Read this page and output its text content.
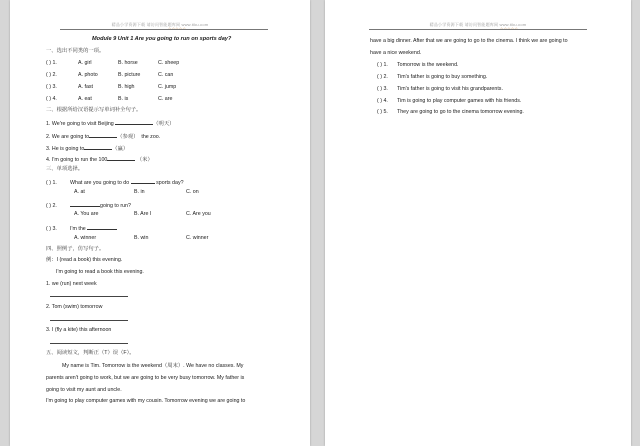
精品小学资源下载 请访问智能题库网 www.tiku.com
☆☆☆☆☆
Module 9 Unit 1 Are you going to run on sports day?
一、选出不同类的一项。
( ) 1.	A. girl	B. horse	C. sheep
( ) 2.	A. photo	B. picture	C. can
( ) 3.	A. fast	B. high	C. jump
( ) 4.	A. eat	B. is	C. are
二、根据所给汉语提示写单词补全句子。
1. We're going to visit Beijing	（明天）
2. We are going to	（参观） the zoo.
3. He is going to	（赢）
4. I'm going to run the 100	（米）
三、单项选择。
( ) 1. What are you going to do	sports day?
A. at	B. in	C. on
( ) 2.	going to run?
A. You are	B. Are I	C. Are you
( ) 3. I'm the
A. winner	B. win	C. winner
四、照例子，仿写句子。
例：I (read a book) this evening.
I'm going to read a book this evening.
1. we (run) next week
2. Tom (swim) tomorrow
3. I (fly a kite) this afternoon
五、阅读短文，判断正（T）误（F）。
My name is Tim. Tomorrow is the weekend（周末）. We have no classes. My
parents aren't going to work, but we are going to be very busy tomorrow. My father is
going to visit my aunt and uncle.
I'm going to play computer games with my cousin. Tomorrow evening we are going to
精品小学资源下载 请访问智能题库网 www.tiku.com
☆☆☆☆☆
have a big dinner. After that we are going to go to the cinema. I think we are going to
have a nice weekend.
( ) 1. Tomorrow is the weekend.
( ) 2. Tim's father is going to buy something.
( ) 3. Tim's father is going to visit his grandparents.
( ) 4. Tim is going to play computer games with his friends.
( ) 5. They are going to go to the cinema tomorrow evening.
